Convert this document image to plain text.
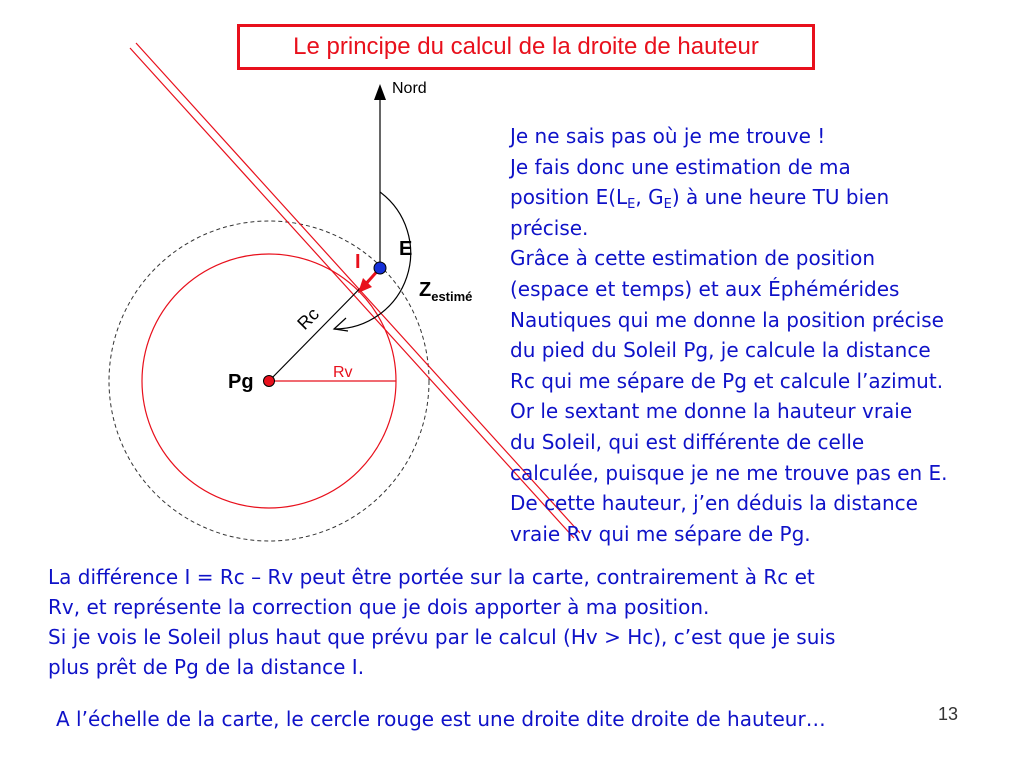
Le principe du calcul de la droite de hauteur
Nord
E
I
$Z_{estimé}$
Rc
Rv
Pg
Je ne sais pas où je me trouve !
Je fais donc une estimation de ma
position $E(L_E$, $G_E$) à une heure TU bien
précise.
Grâce à cette estimation de position
(espace et temps) et aux Éphémérides
Nautiques qui me donne la position précise
du pied du Soleil Pg, je calcule la distance
Rc qui me sépare de Pg et calcule l’azimut.
Or le sextant me donne la hauteur vraie
du Soleil, qui est différente de celle
calculée, puisque je ne me trouve pas en E.
De cette hauteur, j’en déduis la distance
vraie Rv qui me sépare de Pg.
La différence I = Rc – Rv peut être portée sur la carte, contrairement à Rc et
Rv, et représente la correction que je dois apporter à ma position.
Si je vois le Soleil plus haut que prévu par le calcul (Hv > Hc), c’est que je suis
plus prêt de Pg de la distance I.
A l’échelle de la carte, le cercle rouge est une droite dite droite de hauteur…	13
